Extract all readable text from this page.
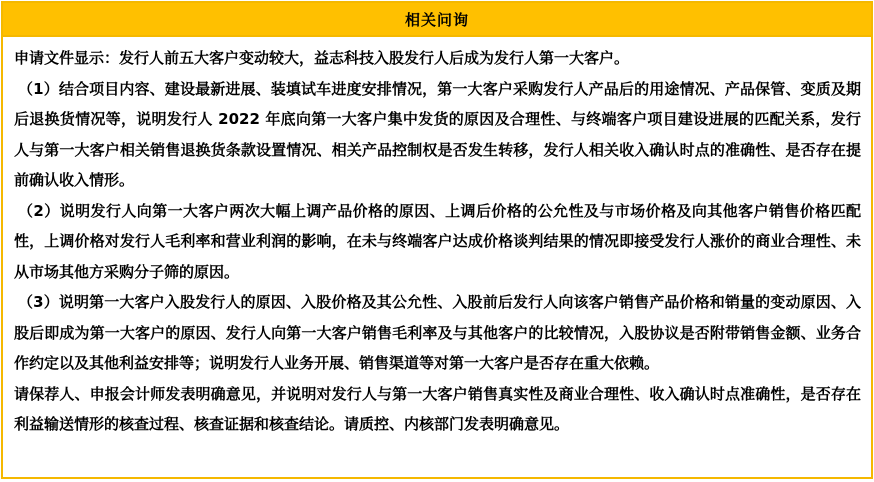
相关问询

申请文件显示：发行人前五大客户变动较大，益志科技入股发行人后成为发行人第一大客户。

（1）结合项目内容、建设最新进展、装填试车进度安排情况，第一大客户采购发行人产品后的用途情况、产品保管、变质及期后退换货情况等，说明发行人 2022 年底向第一大客户集中发货的原因及合理性、与终端客户项目建设进展的匹配关系，发行人与第一大客户相关销售退换货条款设置情况、相关产品控制权是否发生转移，发行人相关收入确认时点的准确性、是否存在提前确认收入情形。

（2）说明发行人向第一大客户两次大幅上调产品价格的原因、上调后价格的公允性及与市场价格及向其他客户销售价格匹配性，上调价格对发行人毛利率和营业利润的影响，在未与终端客户达成价格谈判结果的情况即接受发行人涨价的商业合理性、未从市场其他方采购分子筛的原因。

（3）说明第一大客户入股发行人的原因、入股价格及其公允性、入股前后发行人向该客户销售产品价格和销量的变动原因、入股后即成为第一大客户的原因、发行人向第一大客户销售毛利率及与其他客户的比较情况，入股协议是否附带销售金额、业务合作约定以及其他利益安排等；说明发行人业务开展、销售渠道等对第一大客户是否存在重大依赖。

请保荐人、申报会计师发表明确意见，并说明对发行人与第一大客户销售真实性及商业合理性、收入确认时点准确性，是否存在利益输送情形的核查过程、核查证据和核查结论。请质控、内核部门发表明确意见。
